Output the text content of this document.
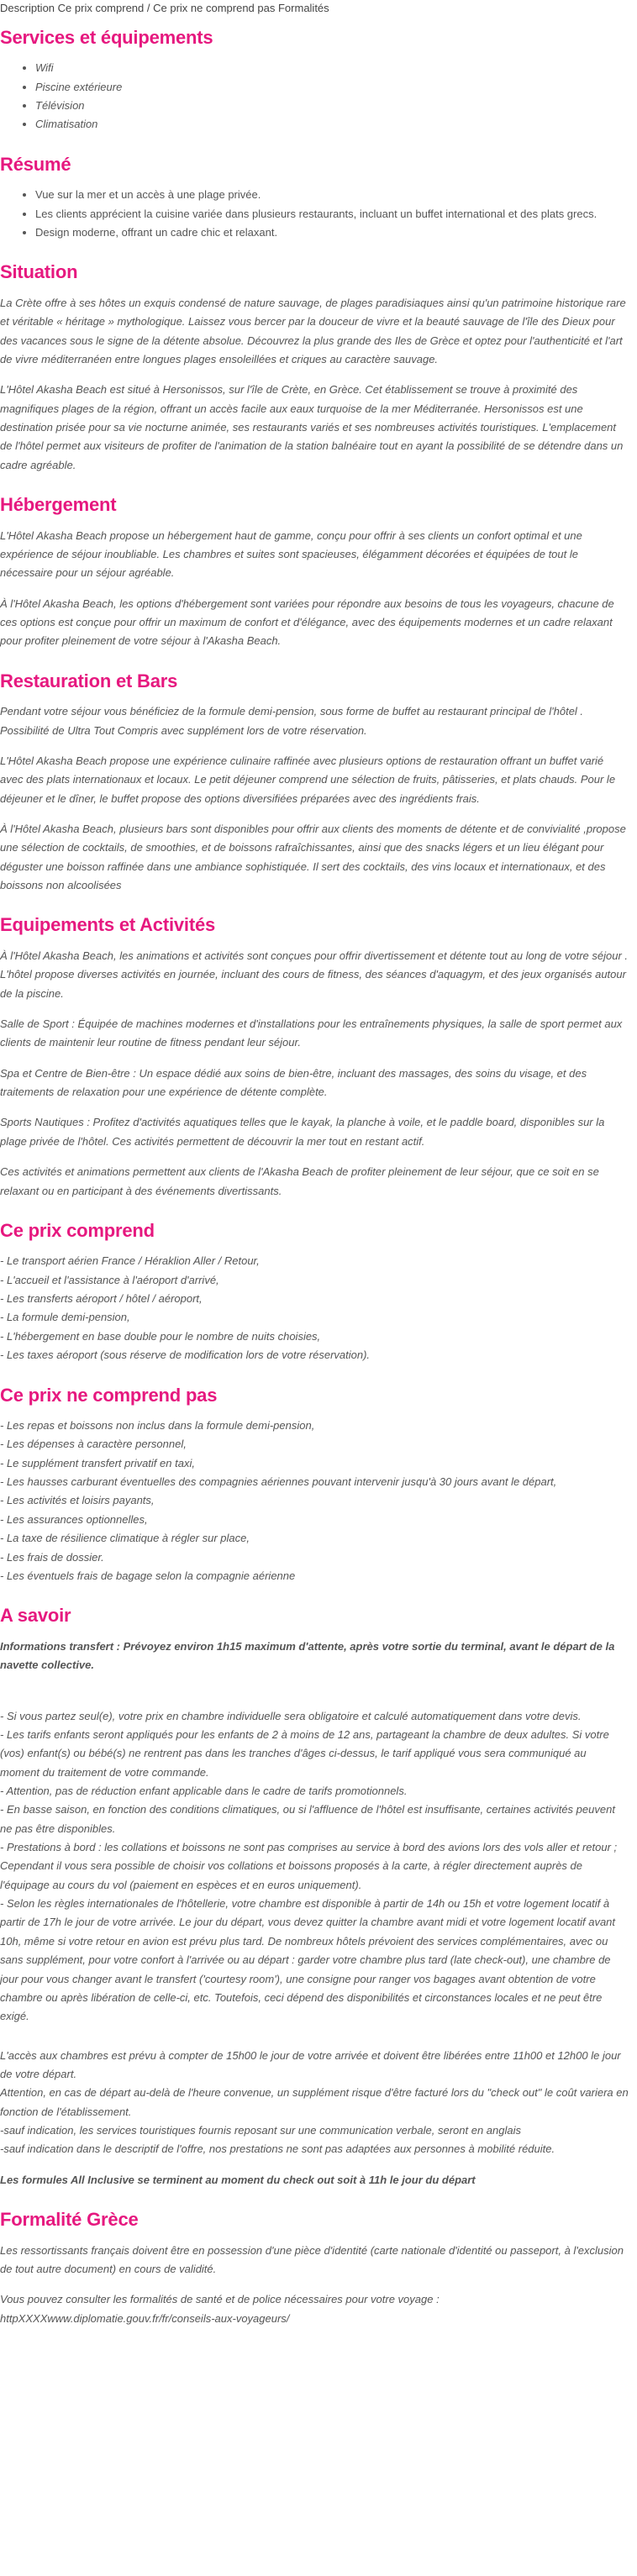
Description Ce prix comprend / Ce prix ne comprend pas Formalités
Services et équipements
• Wifi
• Piscine extérieure
• Télévision
• Climatisation
Résumé
• Vue sur la mer et un accès à une plage privée.
• Les clients apprécient la cuisine variée dans plusieurs restaurants, incluant un buffet international et des plats grecs.
• Design moderne, offrant un cadre chic et relaxant.
Situation

La Crète offre à ses hôtes un exquis condensé de nature sauvage, de plages paradisiaques ainsi qu'un patrimoine historique rare et véritable « héritage » mythologique. Laissez vous bercer par la douceur de vivre et la beauté sauvage de l'île des Dieux pour des vacances sous le signe de la détente absolue. Découvrez la plus grande des Iles de Grèce et optez pour l'authenticité et l'art de vivre méditerranéen entre longues plages ensoleillées et criques au caractère sauvage.

L'Hôtel Akasha Beach est situé à Hersonissos, sur l'île de Crète, en Grèce. Cet établissement se trouve à proximité des magnifiques plages de la région, offrant un accès facile aux eaux turquoise de la mer Méditerranée. Hersonissos est une destination prisée pour sa vie nocturne animée, ses restaurants variés et ses nombreuses activités touristiques. L'emplacement de l'hôtel permet aux visiteurs de profiter de l'animation de la station balnéaire tout en ayant la possibilité de se détendre dans un cadre agréable.

Hébergement

L'Hôtel Akasha Beach propose un hébergement haut de gamme, conçu pour offrir à ses clients un confort optimal et une expérience de séjour inoubliable. Les chambres et suites sont spacieuses, élégamment décorées et équipées de tout le nécessaire pour un séjour agréable.

À l'Hôtel Akasha Beach, les options d'hébergement sont variées pour répondre aux besoins de tous les voyageurs, chacune de ces options est conçue pour offrir un maximum de confort et d'élégance, avec des équipements modernes et un cadre relaxant pour profiter pleinement de votre séjour à l'Akasha Beach.

Restauration et Bars

Pendant votre séjour vous bénéficiez de la formule demi-pension, sous forme de buffet au restaurant principal de l'hôtel . Possibilité de Ultra Tout Compris avec supplément lors de votre réservation.

L'Hôtel Akasha Beach propose une expérience culinaire raffinée avec plusieurs options de restauration offrant un buffet varié avec des plats internationaux et locaux. Le petit déjeuner comprend une sélection de fruits, pâtisseries, et plats chauds. Pour le déjeuner et le dîner, le buffet propose des options diversifiées préparées avec des ingrédients frais.

À l'Hôtel Akasha Beach, plusieurs bars sont disponibles pour offrir aux clients des moments de détente et de convivialité ,propose une sélection de cocktails, de smoothies, et de boissons rafraîchissantes, ainsi que des snacks légers et un lieu élégant pour déguster une boisson raffinée dans une ambiance sophistiquée. Il sert des cocktails, des vins locaux et internationaux, et des boissons non alcoolisées

Equipements et Activités

À l'Hôtel Akasha Beach, les animations et activités sont conçues pour offrir divertissement et détente tout au long de votre séjour . L'hôtel propose diverses activités en journée, incluant des cours de fitness, des séances d'aquagym, et des jeux organisés autour de la piscine.

Salle de Sport : Équipée de machines modernes et d'installations pour les entraînements physiques, la salle de sport permet aux clients de maintenir leur routine de fitness pendant leur séjour.

Spa et Centre de Bien-être : Un espace dédié aux soins de bien-être, incluant des massages, des soins du visage, et des traitements de relaxation pour une expérience de détente complète.

Sports Nautiques : Profitez d'activités aquatiques telles que le kayak, la planche à voile, et le paddle board, disponibles sur la plage privée de l'hôtel. Ces activités permettent de découvrir la mer tout en restant actif.

Ces activités et animations permettent aux clients de l'Akasha Beach de profiter pleinement de leur séjour, que ce soit en se relaxant ou en participant à des événements divertissants.

Ce prix comprend
- Le transport aérien France / Héraklion Aller / Retour,
- L'accueil et l'assistance à l'aéroport d'arrivé,
- Les transferts aéroport / hôtel / aéroport,
- La formule demi-pension,
- L'hébergement en base double pour le nombre de nuits choisies,
- Les taxes aéroport (sous réserve de modification lors de votre réservation).
Ce prix ne comprend pas
- Les repas et boissons non inclus dans la formule demi-pension,
- Les dépenses à caractère personnel,
- Le supplément transfert privatif en taxi,
- Les hausses carburant éventuelles des compagnies aériennes pouvant intervenir jusqu'à 30 jours avant le départ,
- Les activités et loisirs payants,
- Les assurances optionnelles,
- La taxe de résilience climatique à régler sur place,
- Les frais de dossier.
- Les éventuels frais de bagage selon la compagnie aérienne
A savoir

Informations transfert : Prévoyez environ 1h15 maximum d'attente, après votre sortie du terminal, avant le départ de la navette collective.

- Si vous partez seul(e), votre prix en chambre individuelle sera obligatoire et calculé automatiquement dans votre devis.
- Les tarifs enfants seront appliqués pour les enfants de 2 à moins de 12 ans, partageant la chambre de deux adultes. Si votre (vos) enfant(s) ou bébé(s) ne rentrent pas dans les tranches d'âges ci-dessus, le tarif appliqué vous sera communiqué au moment du traitement de votre commande.
- Attention, pas de réduction enfant applicable dans le cadre de tarifs promotionnels.
- En basse saison, en fonction des conditions climatiques, ou si l'affluence de l'hôtel est insuffisante, certaines activités peuvent ne pas être disponibles.
- Prestations à bord : les collations et boissons ne sont pas comprises au service à bord des avions lors des vols aller et retour ; Cependant il vous sera possible de choisir vos collations et boissons proposés à la carte, à régler directement auprès de l'équipage au cours du vol (paiement en espèces et en euros uniquement).
- Selon les règles internationales de l'hôtellerie, votre chambre est disponible à partir de 14h ou 15h et votre logement locatif à partir de 17h le jour de votre arrivée. Le jour du départ, vous devez quitter la chambre avant midi et votre logement locatif avant 10h, même si votre retour en avion est prévu plus tard. De nombreux hôtels prévoient des services complémentaires, avec ou sans supplément, pour votre confort à l'arrivée ou au départ : garder votre chambre plus tard (late check-out), une chambre de jour pour vous changer avant le transfert ('courtesy room'), une consigne pour ranger vos bagages avant obtention de votre chambre ou après libération de celle-ci, etc. Toutefois, ceci dépend des disponibilités et circonstances locales et ne peut être exigé.
L'accès aux chambres est prévu à compter de 15h00 le jour de votre arrivée et doivent être libérées entre 11h00 et 12h00 le jour de votre départ.
Attention, en cas de départ au-delà de l'heure convenue, un supplément risque d'être facturé lors du "check out" le coût variera en fonction de l'établissement.
-sauf indication, les services touristiques fournis reposant sur une communication verbale, seront en anglais
-sauf indication dans le descriptif de l'offre, nos prestations ne sont pas adaptées aux personnes à mobilité réduite.

Les formules All Inclusive se terminent au moment du check out soit à 11h le jour du départ

Formalité Grèce

Les ressortissants français doivent être en possession d'une pièce d'identité (carte nationale d'identité ou passeport, à l'exclusion de tout autre document) en cours de validité.

Vous pouvez consulter les formalités de santé et de police nécessaires pour votre voyage :
httpXXXXwww.diplomatie.gouv.fr/fr/conseils-aux-voyageurs/
